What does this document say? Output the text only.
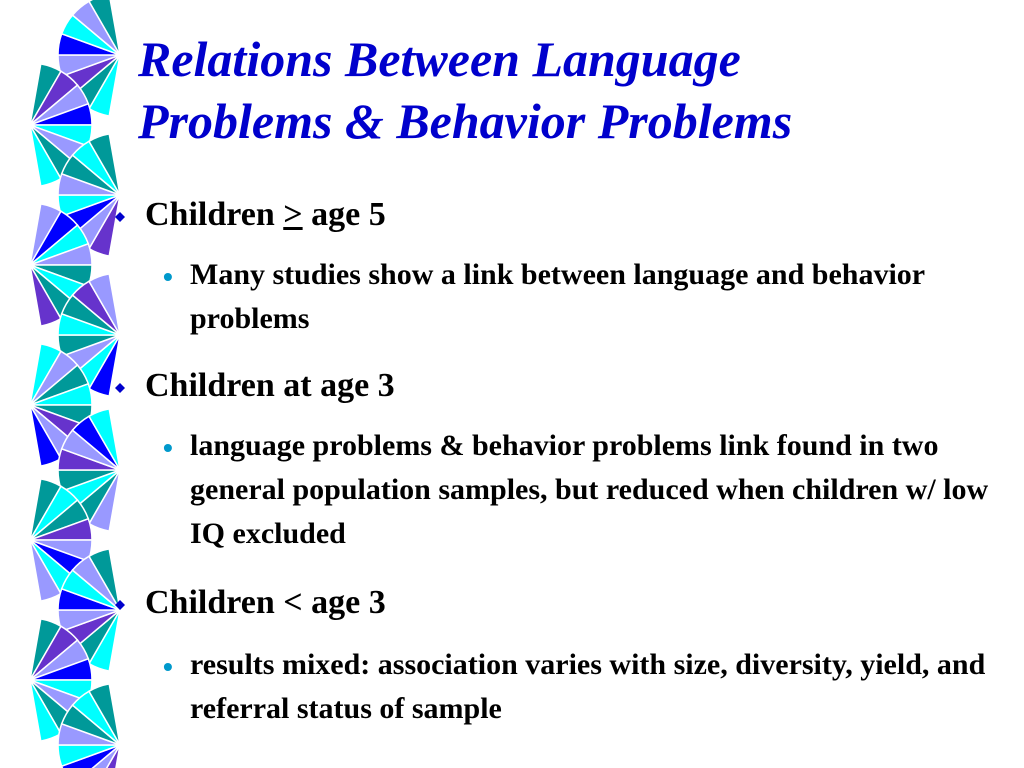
Relations Between Language
Problems & Behavior Problems
Children > age 5
• Many studies show a link between language and behavior problems
Children at age 3
• language problems & behavior problems link found in two general population samples, but reduced when children w/ low IQ excluded
Children < age 3
• results mixed: association varies with size, diversity, yield, and referral status of sample
